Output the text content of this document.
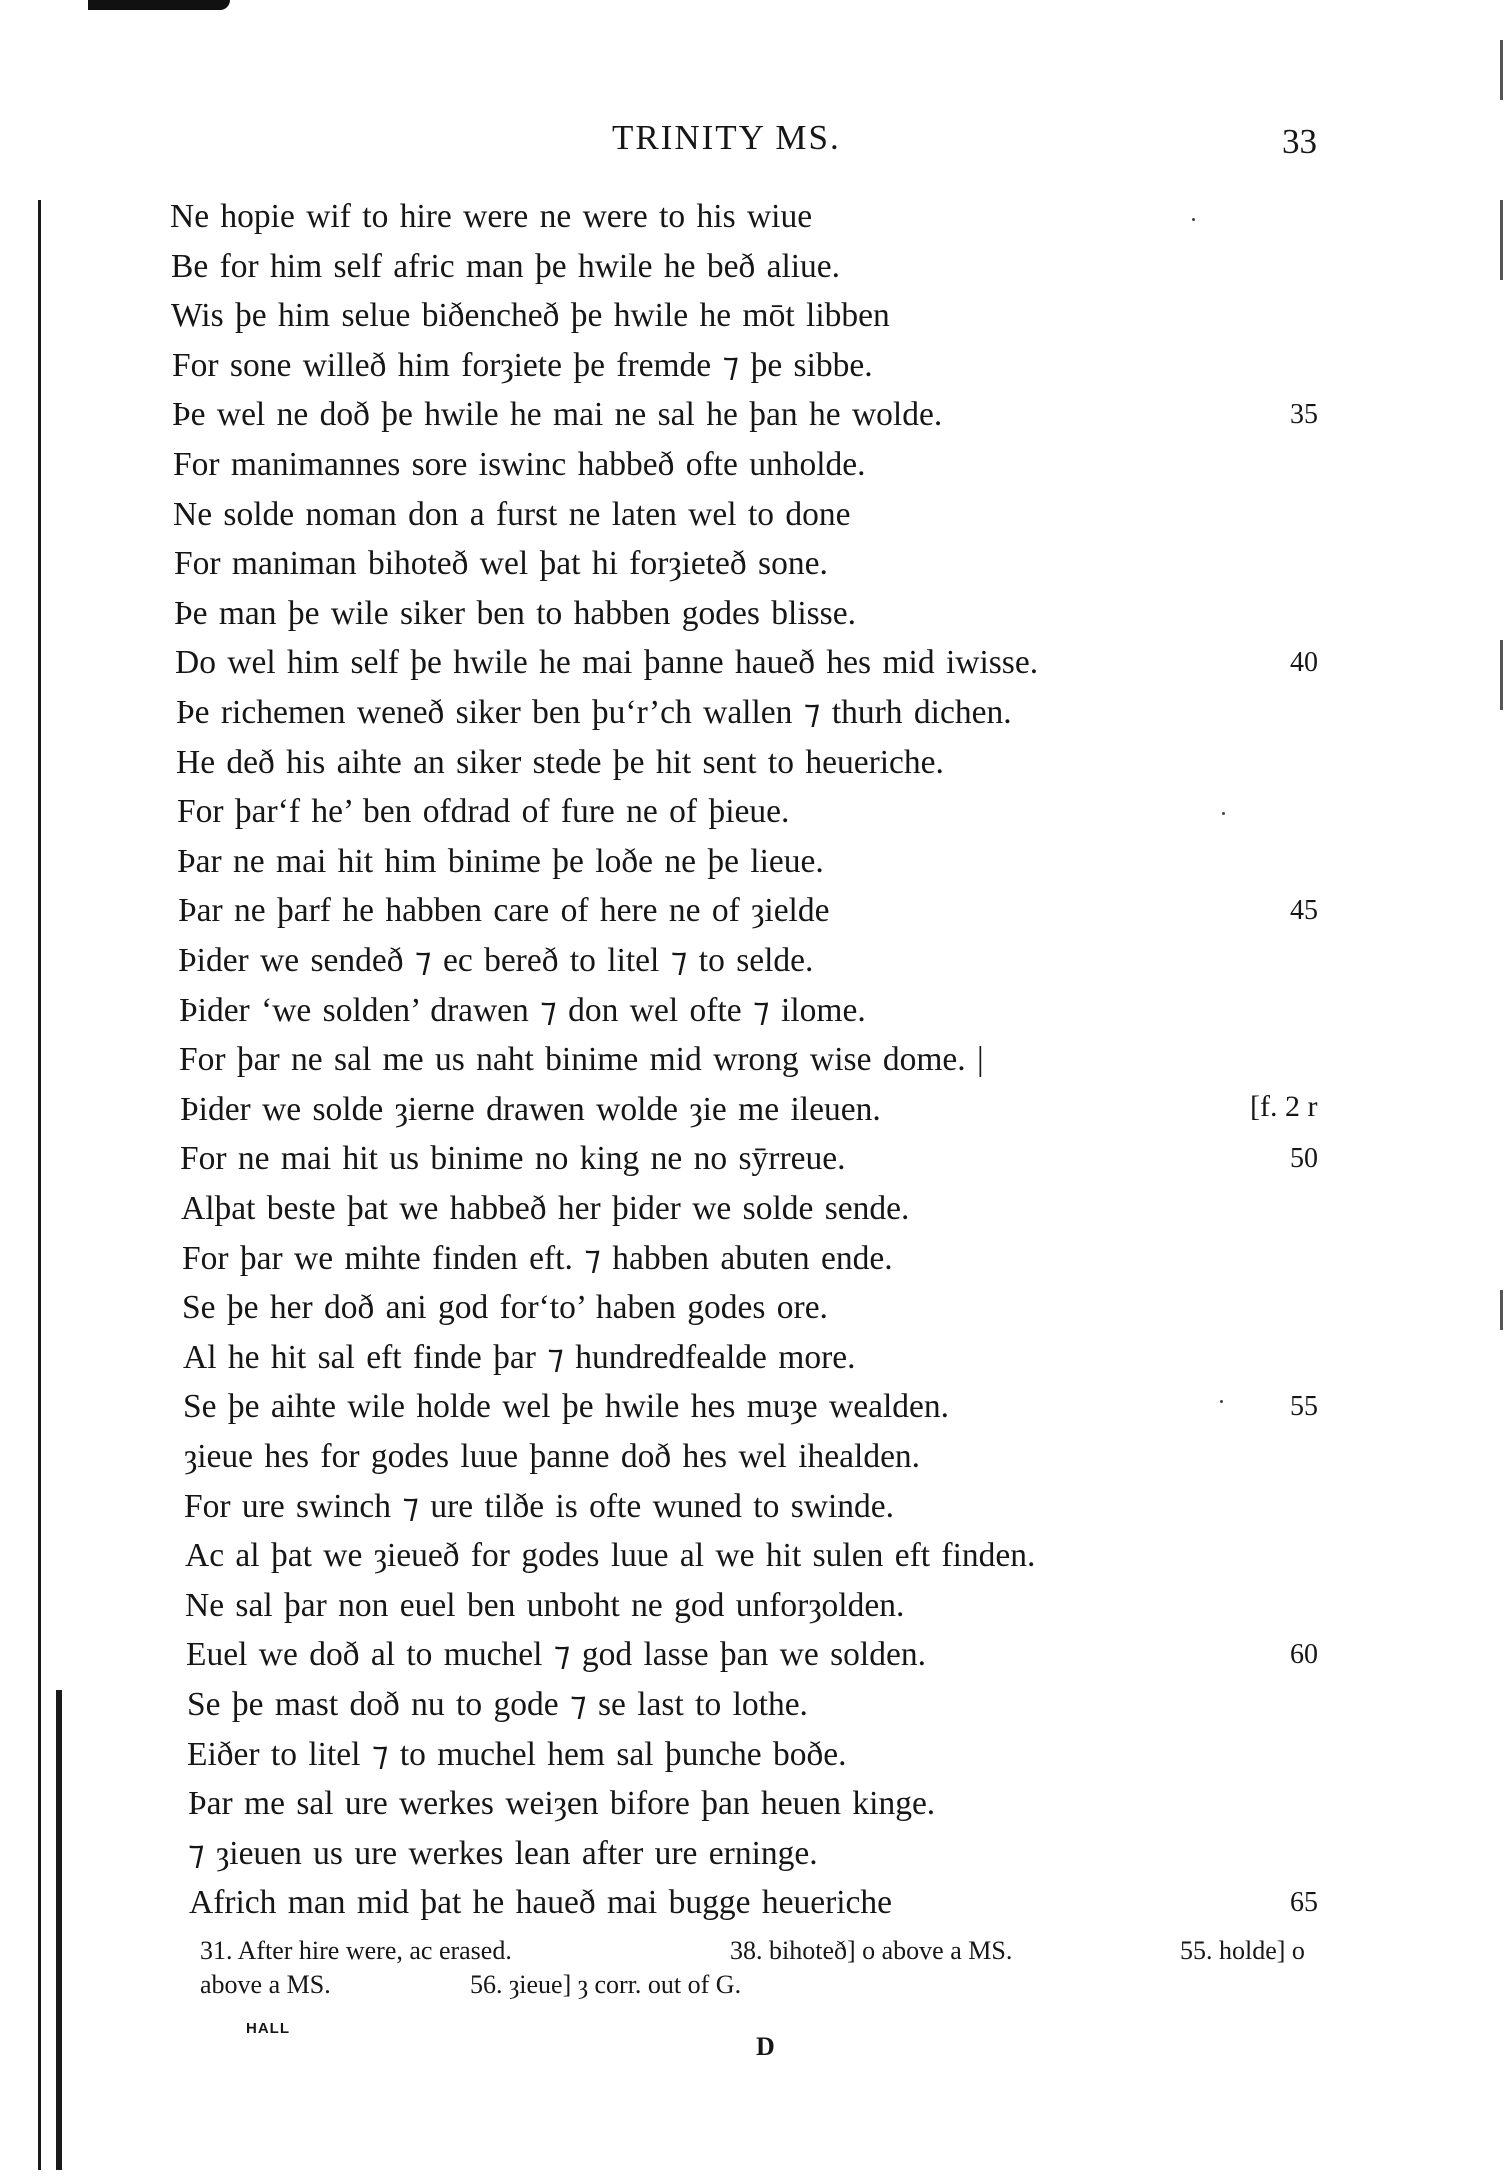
TRINITY MS.	33
Ne hopie wif to hire were ne were to his wiue
Be for him self afric man þe hwile he beð aliue.
Wis þe him selue biðencheð þe hwile he mōt libben
For sone willeð him forȝiete þe fremde ⁊ þe sibbe.
Þe wel ne doð þe hwile he mai ne sal he þan he wolde.	35
For manimannes sore iswinc habbeð ofte unholde.
Ne solde noman don a furst ne laten wel to done
For maniman bihoteð wel þat hi forȝieteð sone.
Þe man þe wile siker ben to habben godes blisse.
Do wel him self þe hwile he mai þanne haueð hes mid iwisse.	40
Þe richemen weneð siker ben þu‘r’ch wallen ⁊ thurh dichen.
He deð his aihte an siker stede þe hit sent to heueriche.
For þar‘f he’ ben ofdrad of fure ne of þieue.
Þar ne mai hit him binime þe loðe ne þe lieue.
Þar ne þarf he habben care of here ne of ȝielde	45
Þider we sendeð ⁊ ec bereð to litel ⁊ to selde.
Þider ‘we solden’ drawen ⁊ don wel ofte ⁊ ilome.
For þar ne sal me us naht binime mid wrong wise dome. |
Þider we solde ȝierne drawen wolde ȝie me ileuen.
For ne mai hit us binime no king ne no sȳrreue.	50
Alþat beste þat we habbeð her þider we solde sende.
For þar we mihte finden eft. ⁊ habben abuten ende.
Se þe her doð ani god for‘to’ haben godes ore.
Al he hit sal eft finde þar ⁊ hundredfealde more.
Se þe aihte wile holde wel þe hwile hes muȝe wealden.	55
ȝieue hes for godes luue þanne doð hes wel ihealden.
For ure swinch ⁊ ure tilðe is ofte wuned to swinde.
Ac al þat we ȝieueð for godes luue al we hit sulen eft finden.
Ne sal þar non euel ben unboht ne god unforȝolden.
Euel we doð al to muchel ⁊ god lasse þan we solden.	60
Se þe mast doð nu to gode ⁊ se last to lothe.
Eiðer to litel ⁊ to muchel hem sal þunche boðe.
Þar me sal ure werkes weiȝen bifore þan heuen kinge.
⁊ ȝieuen us ure werkes lean after ure erninge.
Africh man mid þat he haueð mai bugge heueriche	65
[f. 2 r
31. After hire were, ac erased.	38. bihoteð] o above a MS.	55. holde] o
above a MS.	56. ȝieue] ȝ corr. out of G.
HALL
D
